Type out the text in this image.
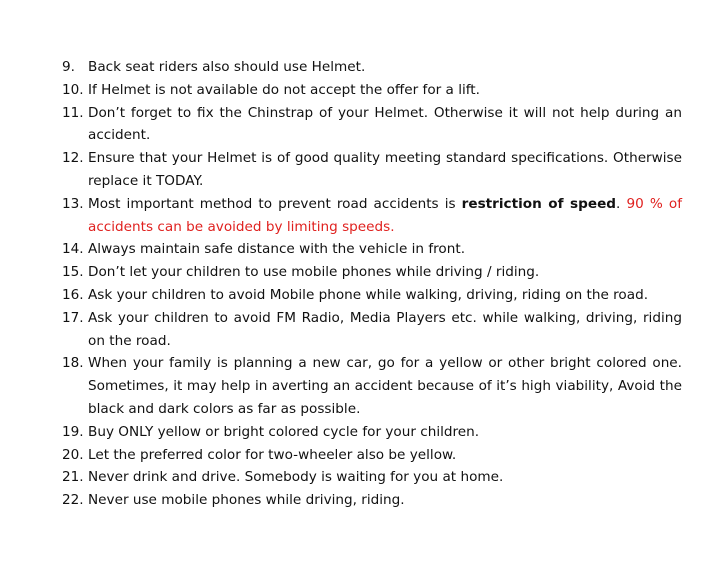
9. Back seat riders also should use Helmet.
10. If Helmet is not available do not accept the offer for a lift.
11. Don’t forget to fix the Chinstrap of your Helmet. Otherwise it will not help during an accident.
12. Ensure that your Helmet is of good quality meeting standard specifications. Otherwise replace it TODAY.
13. Most important method to prevent road accidents is restriction of speed. 90 % of accidents can be avoided by limiting speeds.
14. Always maintain safe distance with the vehicle in front.
15. Don’t let your children to use mobile phones while driving / riding.
16. Ask your children to avoid Mobile phone while walking, driving, riding on the road.
17. Ask your children to avoid FM Radio, Media Players etc. while walking, driving, riding on the road.
18. When your family is planning a new car, go for a yellow or other bright colored one. Sometimes, it may help in averting an accident because of it’s high viability, Avoid the black and dark colors as far as possible.
19. Buy ONLY yellow or bright colored cycle for your children.
20. Let the preferred color for two-wheeler also be yellow.
21. Never drink and drive. Somebody is waiting for you at home.
22. Never use mobile phones while driving, riding.
